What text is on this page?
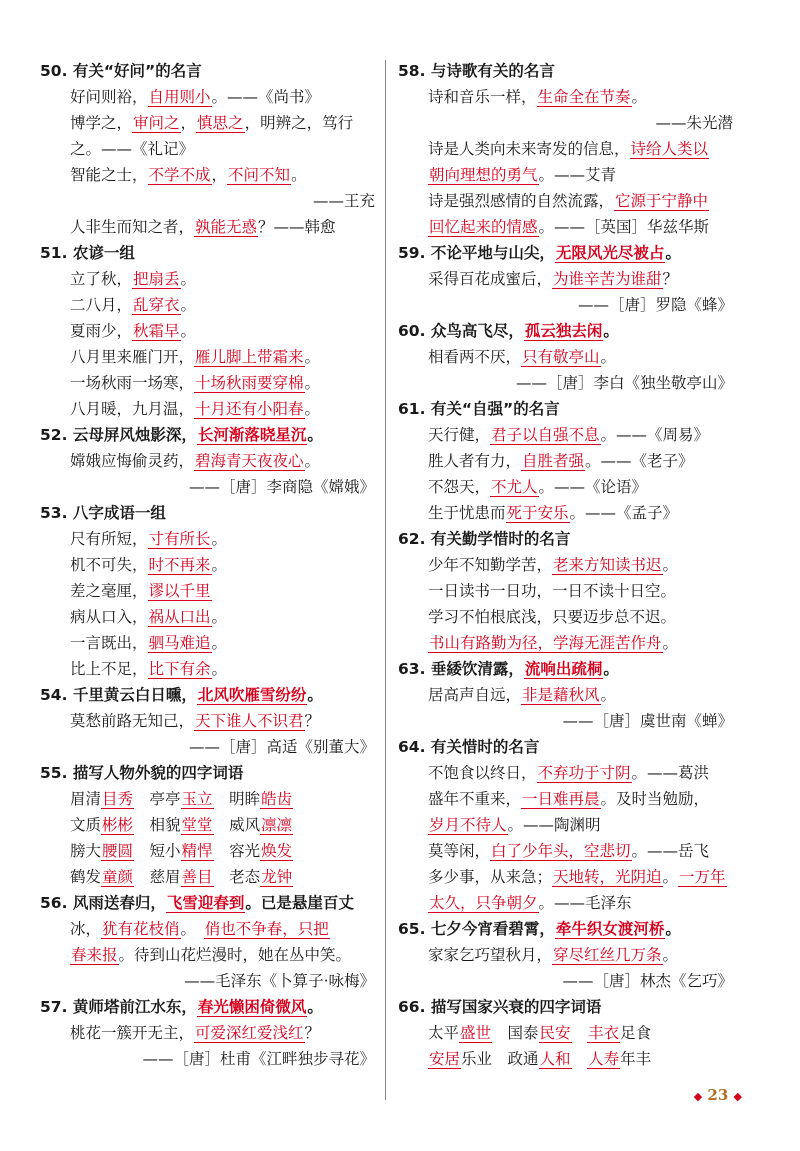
50. 有关“好问”的名言
好问则裕，自用则小。——《尚书》
博学之，审问之，慎思之，明辨之，笃行
之。——《礼记》
智能之士，不学不成，不问不知。
——王充
人非生而知之者，孰能无惑？——韩愈
51. 农谚一组
立了秋，把扇丢。
二八月，乱穿衣。
夏雨少，秋霜早。
八月里来雁门开，雁儿脚上带霜来。
一场秋雨一场寒，十场秋雨要穿棉。
八月暖，九月温，十月还有小阳春。
52. 云母屏风烛影深，长河渐落晓星沉。
嫦娥应悔偷灵药，碧海青天夜夜心。
——［唐］李商隐《嫦娥》
53. 八字成语一组
尺有所短，寸有所长。
机不可失，时不再来。
差之毫厘，谬以千里
病从口入，祸从口出。
一言既出，驷马难追。
比上不足，比下有余。
54. 千里黄云白日曛，北风吹雁雪纷纷。
莫愁前路无知己，天下谁人不识君？
——［唐］高适《别董大》
55. 描写人物外貌的四字词语
眉清目秀　亭亭玉立　明眸皓齿
文质彬彬　相貌堂堂　威风凛凛
膀大腰圆　短小精悍　容光焕发
鹤发童颜　慈眉善目　老态龙钟
56. 风雨送春归，飞雪迎春到。已是悬崖百丈
冰，犹有花枝俏。　俏也不争春，只把
春来报。待到山花烂漫时，她在丛中笑。
——毛泽东《卜算子·咏梅》
57. 黄师塔前江水东，春光懒困倚微风。
桃花一簇开无主，可爱深红爱浅红？
——［唐］杜甫《江畔独步寻花》
58. 与诗歌有关的名言
诗和音乐一样，生命全在节奏。
——朱光潜
诗是人类向未来寄发的信息，诗给人类以
朝向理想的勇气。——艾青
诗是强烈感情的自然流露，它源于宁静中
回忆起来的情感。——［英国］华兹华斯
59. 不论平地与山尖，无限风光尽被占。
采得百花成蜜后，为谁辛苦为谁甜？
——［唐］罗隐《蜂》
60. 众鸟高飞尽，孤云独去闲。
相看两不厌，只有敬亭山。
——［唐］李白《独坐敬亭山》
61. 有关“自强”的名言
天行健，君子以自强不息。——《周易》
胜人者有力，自胜者强。——《老子》
不怨天，不尤人。——《论语》
生于忧患而死于安乐。——《孟子》
62. 有关勤学惜时的名言
少年不知勤学苦，老来方知读书迟。
一日读书一日功，一日不读十日空。
学习不怕根底浅，只要迈步总不迟。
书山有路勤为径，学海无涯苦作舟。
63. 垂緌饮清露，流响出疏桐。
居高声自远，非是藉秋风。
——［唐］虞世南《蝉》
64. 有关惜时的名言
不饱食以终日，不弃功于寸阴。——葛洪
盛年不重来，一日难再晨。及时当勉励，
岁月不待人。——陶渊明
莫等闲，白了少年头，空悲切。——岳飞
多少事，从来急；天地转，光阴迫。一万年
太久，只争朝夕。——毛泽东
65. 七夕今宵看碧霄，牵牛织女渡河桥。
家家乞巧望秋月，穿尽红丝几万条。
——［唐］林杰《乞巧》
66. 描写国家兴衰的四字词语
太平盛世　国泰民安　 丰衣足食
安居乐业　政通人和　 人寿年丰
◆ 23 ◆
